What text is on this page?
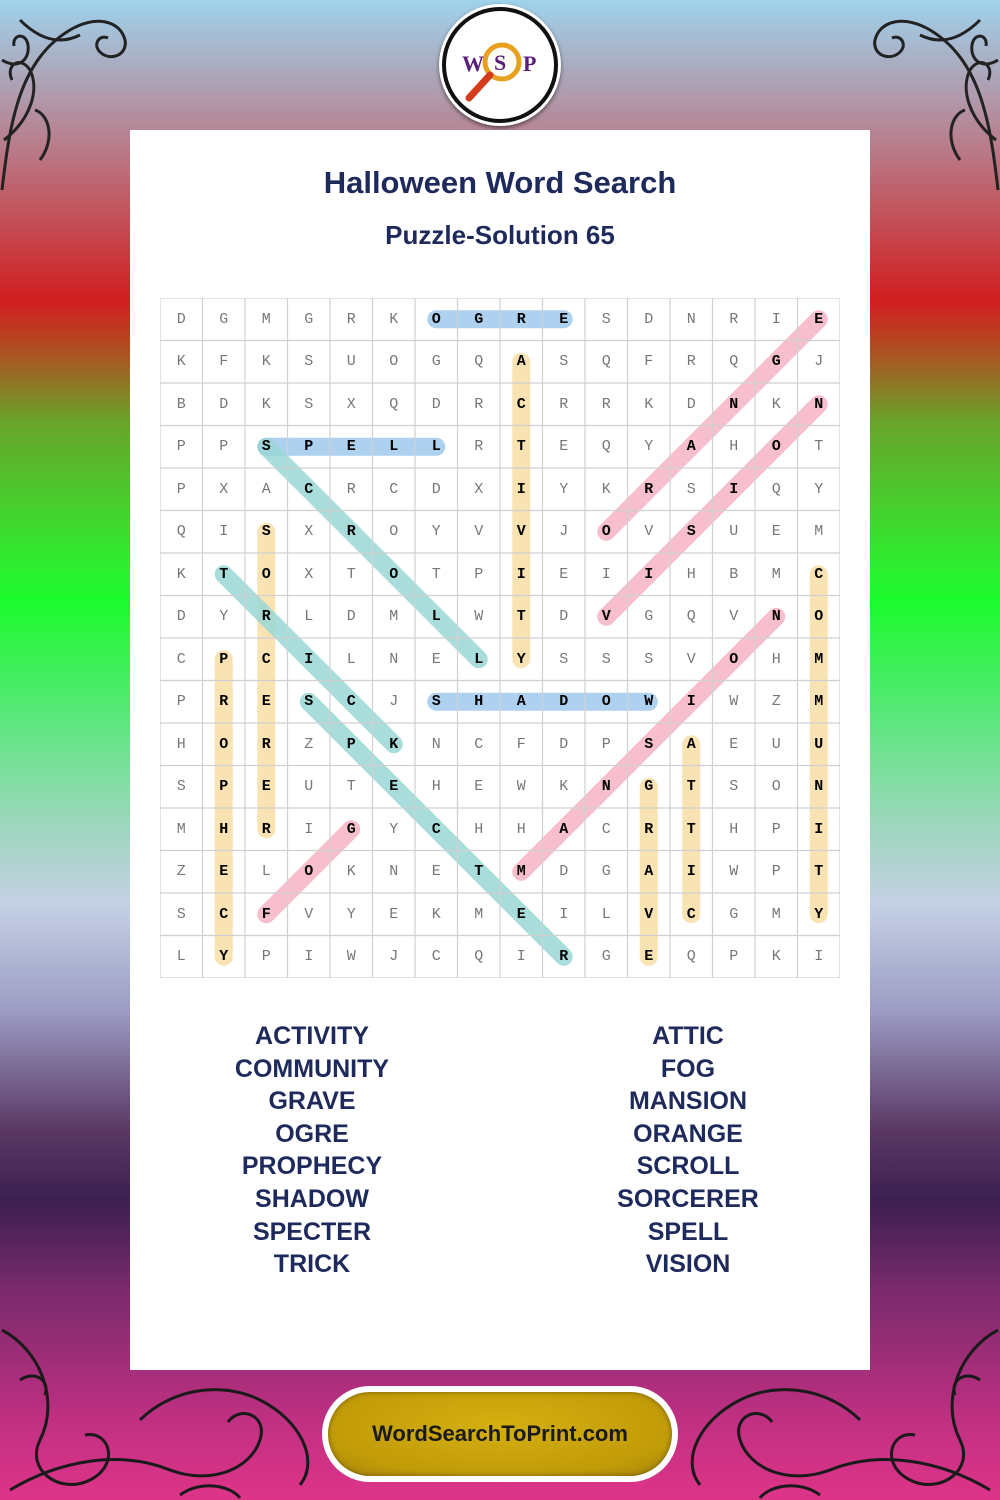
W S P
Halloween Word Search
Puzzle-Solution 65
D	G	M	G	R	K	O	G	R	E	S	D	N	R	I	E
K	F	K	S	U	O	G	Q	A	S	Q	F	R	Q	G	J
B	D	K	S	X	Q	D	R	C	R	R	K	D	N	K	N
P	P	S	P	E	L	L	R	T	E	Q	Y	A	H	O	T
P	X	A	C	R	C	D	X	I	Y	K	R	S	I	Q	Y
Q	I	S	X	R	O	Y	V	V	J	O	V	S	U	E	M
K	T	O	X	T	O	T	P	I	E	I	I	H	B	M	C
D	Y	R	L	D	M	L	W	T	D	V	G	Q	V	N	O
C	P	C	I	L	N	E	L	Y	S	S	S	V	O	H	M
P	R	E	S	C	J	S	H	A	D	O	W	I	W	Z	M
H	O	R	Z	P	K	N	C	F	D	P	S	A	E	U	U
S	P	E	U	T	E	H	E	W	K	N	G	T	S	O	N
M	H	R	I	G	Y	C	H	H	A	C	R	T	H	P	I
Z	E	L	O	K	N	E	T	M	D	G	A	I	W	P	T
S	C	F	V	Y	E	K	M	E	I	L	V	C	G	M	Y
L	Y	P	I	W	J	C	Q	I	R	G	E	Q	P	K	I
ACTIVITY
COMMUNITY
GRAVE
OGRE
PROPHECY
SHADOW
SPECTER
TRICK
ATTIC
FOG
MANSION
ORANGE
SCROLL
SORCERER
SPELL
VISION
WordSearchToPrint.com
